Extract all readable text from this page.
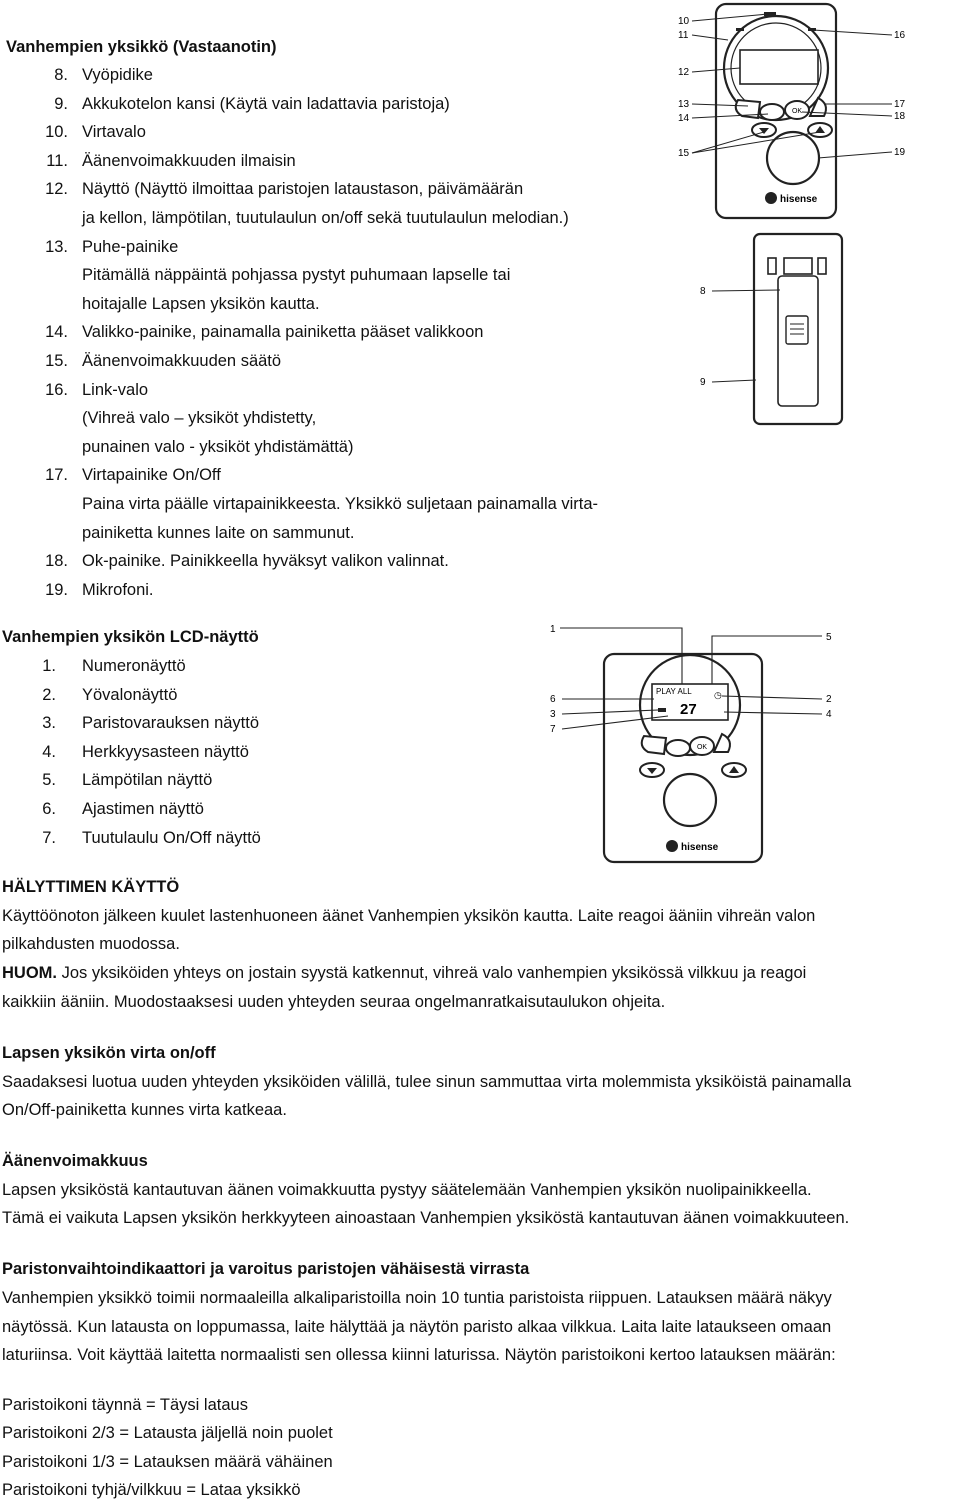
Vanhempien yksikkö (Vastaanotin)
8. Vyöpidike
9. Akkukotelon kansi (Käytä vain ladattavia paristoja)
10. Virtavalo
11. Äänenvoimakkuuden ilmaisin
12. Näyttö (Näyttö ilmoittaa paristojen lataustason, päivämäärän
ja kellon, lämpötilan, tuutulaulun on/off sekä tuutulaulun melodian.)
13. Puhe-painike
Pitämällä näppäintä pohjassa pystyt puhumaan lapselle tai
hoitajalle Lapsen yksikön kautta.
14. Valikko-painike, painamalla painiketta pääset valikkoon
15. Äänenvoimakkuuden säätö
16. Link-valo
(Vihreä valo – yksiköt yhdistetty,
punainen valo - yksiköt yhdistämättä)
17. Virtapainike On/Off
Paina virta päälle virtapainikkeesta. Yksikkö suljetaan painamalla virta-
painiketta kunnes laite on sammunut.
18. Ok-painike. Painikkeella hyväksyt valikon valinnat.
19. Mikrofoni.
Vanhempien yksikön LCD-näyttö
1. Numeronäyttö
2. Yövalonäyttö
3. Paristovarauksen näyttö
4. Herkkyysasteen näyttö
5. Lämpötilan näyttö
6. Ajastimen näyttö
7. Tuutulaulu On/Off näyttö
OK
hisense
10
11
12
13
14
15
16
17
18
19
8
9
PLAY ALL
27
◷
OK
hisense
1
5
6
3
7
2
4
HÄLYTTIMEN KÄYTTÖ
Käyttöönoton jälkeen kuulet lastenhuoneen äänet Vanhempien yksikön kautta. Laite reagoi ääniin vihreän valon
pilkahdusten muodossa.
HUOM. Jos yksiköiden yhteys on jostain syystä katkennut, vihreä valo vanhempien yksikössä vilkkuu ja reagoi
kaikkiin ääniin. Muodostaaksesi uuden yhteyden seuraa ongelmanratkaisutaulukon ohjeita.
Lapsen yksikön virta on/off
Saadaksesi luotua uuden yhteyden yksiköiden välillä, tulee sinun sammuttaa virta molemmista yksiköistä painamalla
On/Off-painiketta kunnes virta katkeaa.
Äänenvoimakkuus
Lapsen yksiköstä kantautuvan äänen voimakkuutta pystyy säätelemään Vanhempien yksikön nuolipainikkeella.
Tämä ei vaikuta Lapsen yksikön herkkyyteen ainoastaan Vanhempien yksiköstä kantautuvan äänen voimakkuuteen.
Paristonvaihtoindikaattori ja varoitus paristojen vähäisestä virrasta
Vanhempien yksikkö toimii normaaleilla alkaliparistoilla noin 10 tuntia paristoista riippuen. Latauksen määrä näkyy
näytössä. Kun latausta on loppumassa, laite hälyttää ja näytön paristo alkaa vilkkua. Laita laite lataukseen omaan
laturiinsa. Voit käyttää laitetta normaalisti sen ollessa kiinni laturissa. Näytön paristoikoni kertoo latauksen määrän:
Paristoikoni täynnä = Täysi lataus
Paristoikoni 2/3 = Latausta jäljellä noin puolet
Paristoikoni 1/3 = Latauksen määrä vähäinen
Paristoikoni tyhjä/vilkkuu = Lataa yksikkö
